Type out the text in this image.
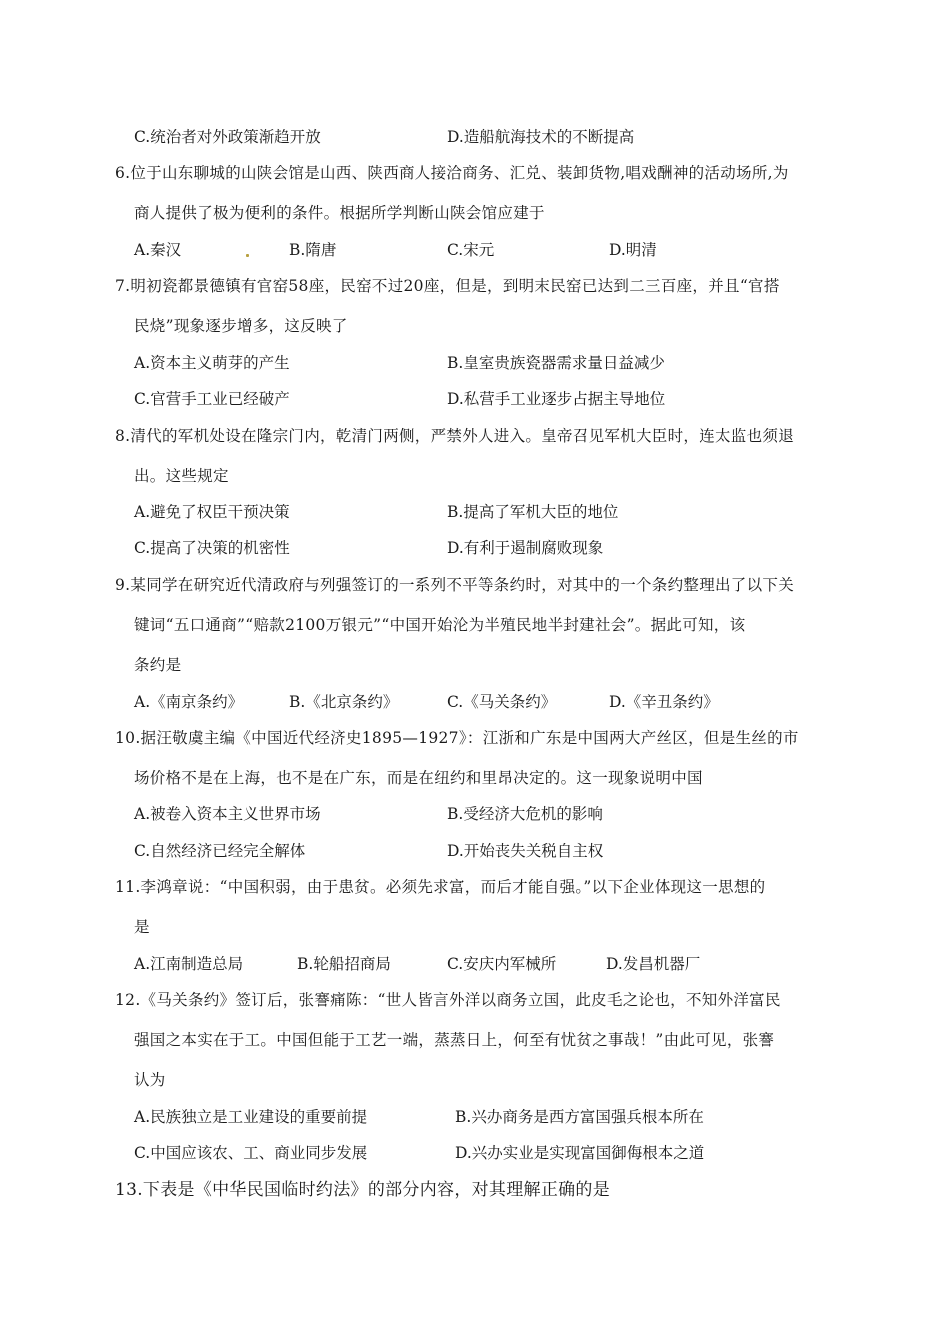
C.统治者对外政策渐趋开放	D.造船航海技术的不断提高
6.位于山东聊城的山陕会馆是山西、陕西商人接洽商务、汇兑、装卸货物,唱戏酬神的活动场所,为
商人提供了极为便利的条件。根据所学判断山陕会馆应建于
A.秦汉	B.隋唐	C.宋元	D.明清
7.明初瓷都景德镇有官窑58座，民窑不过20座，但是，到明末民窑已达到二三百座，并且“官搭
民烧”现象逐步增多，这反映了
A.资本主义萌芽的产生	B.皇室贵族瓷器需求量日益减少
C.官营手工业已经破产	D.私营手工业逐步占据主导地位
8.清代的军机处设在隆宗门内，乾清门两侧，严禁外人进入。皇帝召见军机大臣时，连太监也须退
出。这些规定
A.避免了权臣干预决策	B.提高了军机大臣的地位
C.提高了决策的机密性	D.有利于遏制腐败现象
9.某同学在研究近代清政府与列强签订的一系列不平等条约时，对其中的一个条约整理出了以下关
键词“五口通商”“赔款2100万银元”“中国开始沦为半殖民地半封建社会”。据此可知，该
条约是
A.《南京条约》	B.《北京条约》	C.《马关条约》	D.《辛丑条约》
10.据汪敬虞主编《中国近代经济史1895—1927》：江浙和广东是中国两大产丝区，但是生丝的市
场价格不是在上海，也不是在广东，而是在纽约和里昂决定的。这一现象说明中国
A.被卷入资本主义世界市场	B.受经济大危机的影响
C.自然经济已经完全解体	D.开始丧失关税自主权
11.李鸿章说：“中国积弱，由于患贫。必须先求富，而后才能自强。”以下企业体现这一思想的
是
A.江南制造总局	B.轮船招商局	C.安庆内军械所	D.发昌机器厂
12.《马关条约》签订后，张謇痛陈：“世人皆言外洋以商务立国，此皮毛之论也，不知外洋富民
强国之本实在于工。中国但能于工艺一端，蒸蒸日上，何至有忧贫之事哉！”由此可见，张謇
认为
A.民族独立是工业建设的重要前提	B.兴办商务是西方富国强兵根本所在
C.中国应该农、工、商业同步发展	D.兴办实业是实现富国御侮根本之道
13.下表是《中华民国临时约法》的部分内容，对其理解正确的是
